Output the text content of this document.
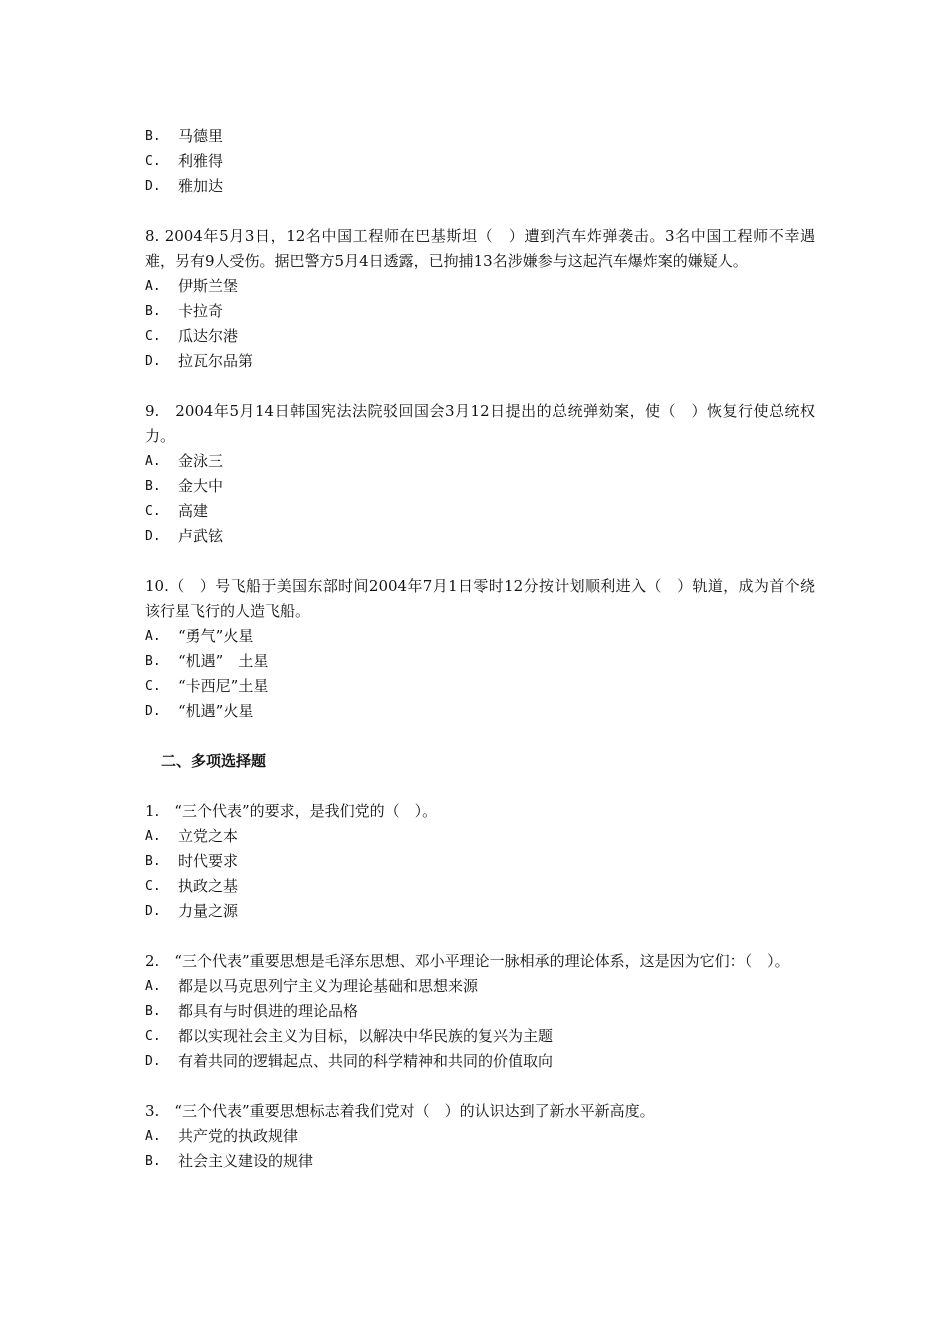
B.	马德里
C.	利雅得
D.	雅加达

8. 2004年5月3日，12名中国工程师在巴基斯坦（　）遭到汽车炸弹袭击。3名中国工程师不幸遇难，另有9人受伤。据巴警方5月4日透露，已拘捕13名涉嫌参与这起汽车爆炸案的嫌疑人。

A.	伊斯兰堡
B.	卡拉奇
C.	瓜达尔港
D.	拉瓦尔品第

9.　2004年5月14日韩国宪法法院驳回国会3月12日提出的总统弹劾案，使（　）恢复行使总统权力。

A.	金泳三
B.	金大中
C.	高建
D.	卢武铉

10.（　）号飞船于美国东部时间2004年7月1日零时12分按计划顺利进入（　）轨道，成为首个绕该行星飞行的人造飞船。

A.	“勇气”火星
B.	“机遇”　土星
C.	“卡西尼”土星
D.	“机遇”火星
二、多项选择题

1.　“三个代表”的要求，是我们党的（　）。

A.	立党之本
B.	时代要求
C.	执政之基
D.	力量之源

2.　“三个代表”重要思想是毛泽东思想、邓小平理论一脉相承的理论体系，这是因为它们：（　）。

A.	都是以马克思列宁主义为理论基础和思想来源
B.	都具有与时俱进的理论品格
C.	都以实现社会主义为目标，以解决中华民族的复兴为主题
D.	有着共同的逻辑起点、共同的科学精神和共同的价值取向

3.　“三个代表”重要思想标志着我们党对（　）的认识达到了新水平新高度。

A.	共产党的执政规律
B.	社会主义建设的规律
